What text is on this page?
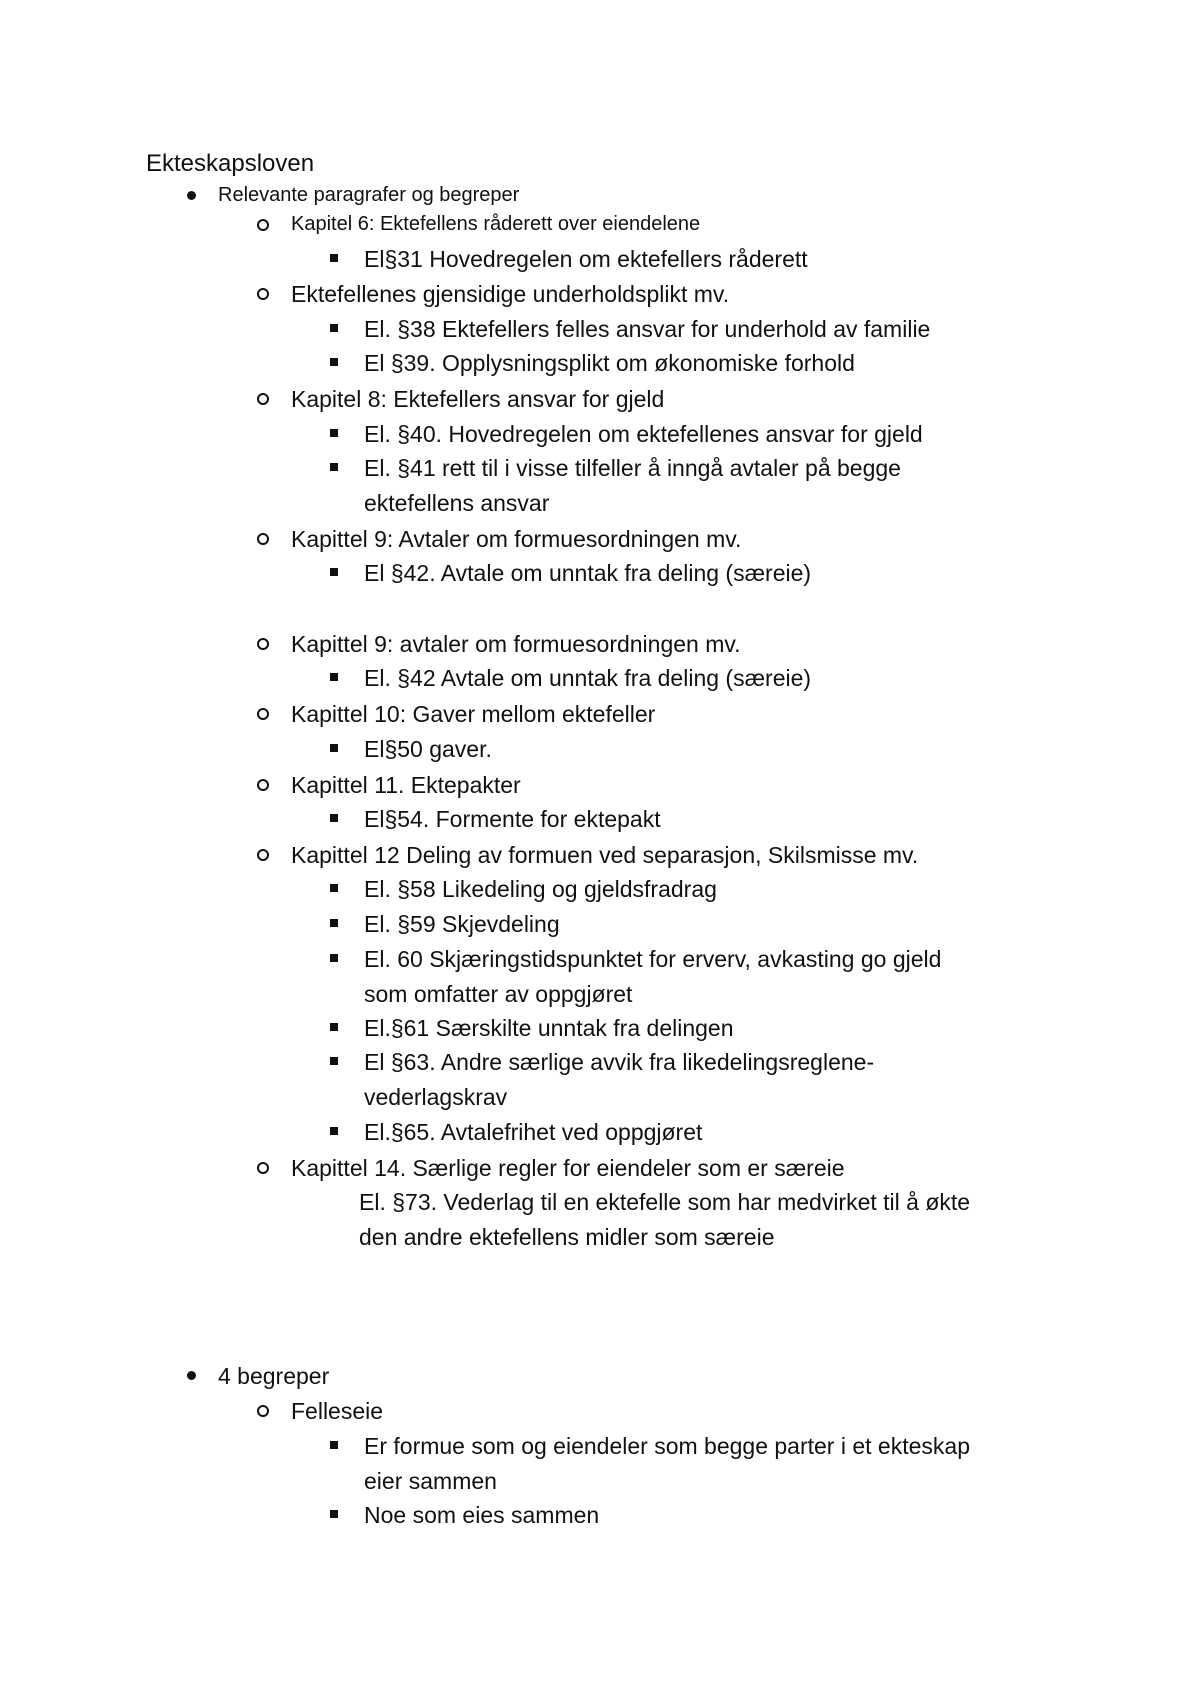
Ekteskapsloven
Relevante paragrafer og begreper
Kapitel 6: Ektefellens råderett over eiendelene
El§31 Hovedregelen om ektefellers råderett
Ektefellenes gjensidige underholdsplikt mv.
El. §38 Ektefellers felles ansvar for underhold av familie
El §39. Opplysningsplikt om økonomiske forhold
Kapitel 8: Ektefellers ansvar for gjeld
El. §40. Hovedregelen om ektefellenes ansvar for gjeld
El. §41 rett til i visse tilfeller å inngå avtaler på begge
ektefellens ansvar
Kapittel 9: Avtaler om formuesordningen mv.
El §42. Avtale om unntak fra deling (særeie)
Kapittel 9: avtaler om formuesordningen mv.
El. §42 Avtale om unntak fra deling (særeie)
Kapittel 10: Gaver mellom ektefeller
El§50 gaver.
Kapittel 11. Ektepakter
El§54. Formente for ektepakt
Kapittel 12 Deling av formuen ved separasjon, Skilsmisse mv.
El. §58 Likedeling og gjeldsfradrag
El. §59 Skjevdeling
El. 60 Skjæringstidspunktet for erverv, avkasting go gjeld
som omfatter av oppgjøret
El.§61 Særskilte unntak fra delingen
El §63. Andre særlige avvik fra likedelingsreglene-
vederlagskrav
El.§65. Avtalefrihet ved oppgjøret
Kapittel 14. Særlige regler for eiendeler som er særeie
El. §73. Vederlag til en ektefelle som har medvirket til å økte
den andre ektefellens midler som særeie
4 begreper
Felleseie
Er formue som og eiendeler som begge parter i et ekteskap
eier sammen
Noe som eies sammen
